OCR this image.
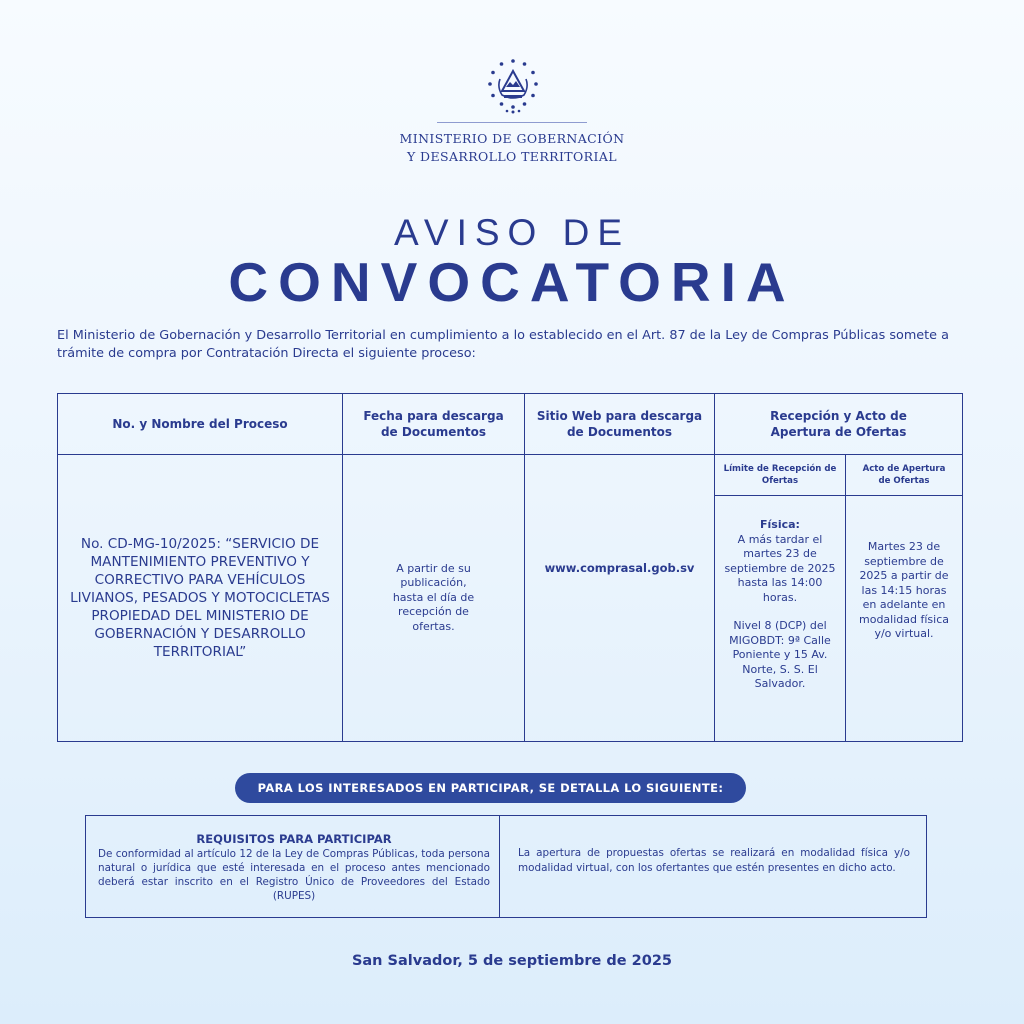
MINISTERIO DE GOBERNACIÓN
Y DESARROLLO TERRITORIAL
AVISO DE
CONVOCATORIA
El Ministerio de Gobernación y Desarrollo Territorial en cumplimiento a lo establecido en el Art. 87 de la Ley de Compras Públicas somete a trámite de compra por Contratación Directa el siguiente proceso:
No. y Nombre del Proceso
Fecha para descarga de Documentos
Sitio Web para descarga de Documentos
Recepción y Acto de Apertura de Ofertas
Límite de Recepción de Ofertas
Acto de Apertura de Ofertas
No. CD-MG-10/2025: “SERVICIO DE MANTENIMIENTO PREVENTIVO Y CORRECTIVO PARA VEHÍCULOS LIVIANOS, PESADOS Y MOTOCICLETAS PROPIEDAD DEL MINISTERIO DE GOBERNACIÓN Y DESARROLLO TERRITORIAL”
A partir de su publicación, hasta el día de recepción de ofertas.
www.comprasal.gob.sv
Física:
A más tardar el martes 23 de septiembre de 2025 hasta las 14:00 horas.
Nivel 8 (DCP) del MIGOBDT: 9ª Calle Poniente y 15 Av. Norte, S. S. El Salvador.
Martes 23 de septiembre de 2025 a partir de las 14:15 horas en adelante en modalidad física y/o virtual.
PARA LOS INTERESADOS EN PARTICIPAR, SE DETALLA LO SIGUIENTE:
REQUISITOS PARA PARTICIPAR
De conformidad al artículo 12 de la Ley de Compras Públicas, toda persona natural o jurídica que esté interesada en el proceso antes mencionado deberá estar inscrito en el Registro Único de Proveedores del Estado (RUPES)
La apertura de propuestas ofertas se realizará en modalidad física y/o modalidad virtual, con los ofertantes que estén presentes en dicho acto.
San Salvador, 5 de septiembre de 2025
